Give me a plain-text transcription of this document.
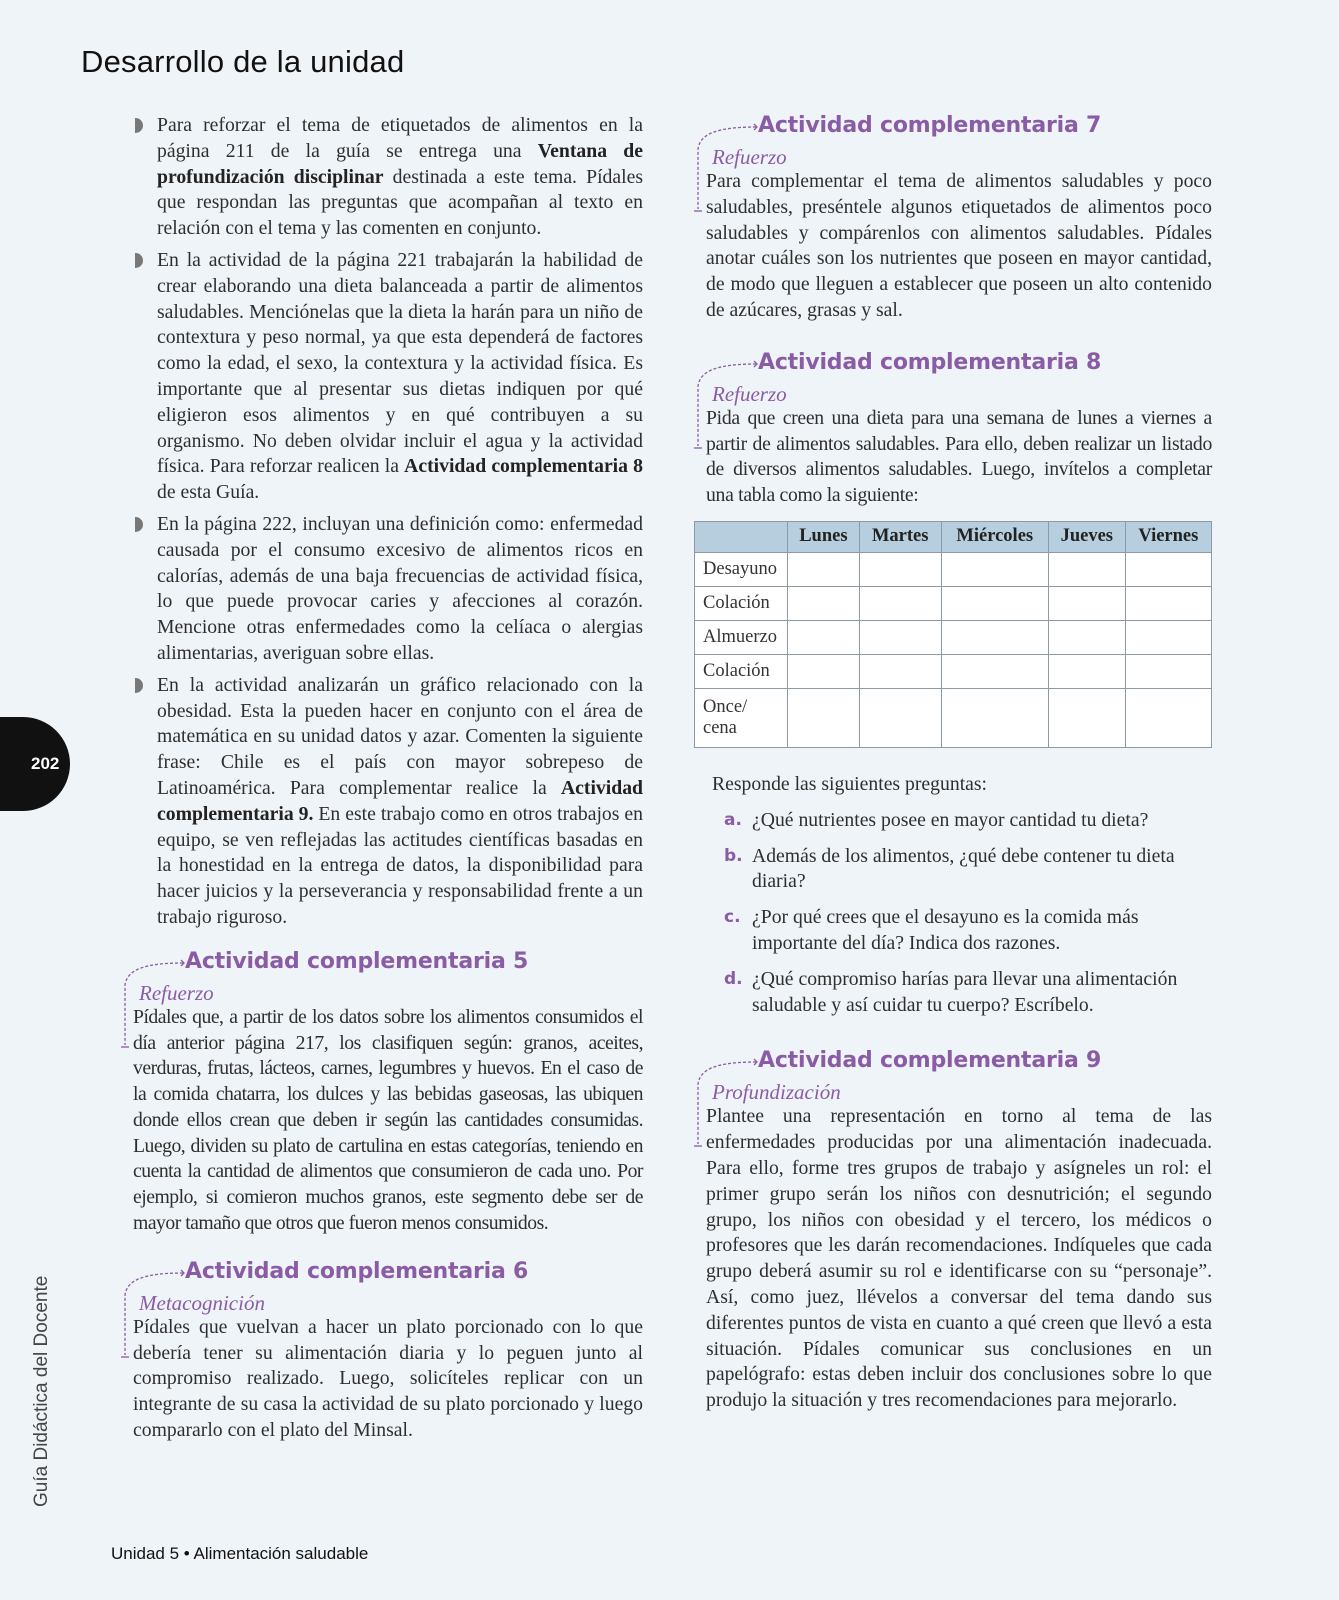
Desarrollo de la unidad
202
Guía Didáctica del Docente

Para reforzar el tema de etiquetados de alimentos en la página 211 de la guía se entrega una Ventana de profundización disciplinar destinada a este tema. Pídales que respondan las preguntas que acompañan al texto en relación con el tema y las comenten en conjunto.

En la actividad de la página 221 trabajarán la habilidad de crear elaborando una dieta balanceada a partir de alimentos saludables. Menciónelas que la dieta la harán para un niño de contextura y peso normal, ya que esta dependerá de factores como la edad, el sexo, la contextura y la actividad física. Es importante que al presentar sus dietas indiquen por qué eligieron esos alimentos y en qué contribuyen a su organismo. No deben olvidar incluir el agua y la actividad física. Para reforzar realicen la Actividad complementaria 8 de esta Guía.

En la página 222, incluyan una definición como: enfermedad causada por el consumo excesivo de alimentos ricos en calorías, además de una baja frecuencias de actividad física, lo que puede provocar caries y afecciones al corazón. Mencione otras enfermedades como la celíaca o alergias alimentarias, averiguan sobre ellas.

En la actividad analizarán un gráfico relacionado con la obesidad. Esta la pueden hacer en conjunto con el área de matemática en su unidad datos y azar. Comenten la siguiente frase: Chile es el país con mayor sobrepeso de Latinoamérica. Para complementar realice la Actividad complementaria 9. En este trabajo como en otros trabajos en equipo, se ven reflejadas las actitudes científicas basadas en la honestidad en la entrega de datos, la disponibilidad para hacer juicios y la perseverancia y responsabilidad frente a un trabajo riguroso.

Actividad complementaria 5
Refuerzo

Pídales que, a partir de los datos sobre los alimentos consumidos el día anterior página 217, los clasifiquen según: granos, aceites, verduras, frutas, lácteos, carnes, legumbres y huevos. En el caso de la comida chatarra, los dulces y las bebidas gaseosas, las ubiquen donde ellos crean que deben ir según las cantidades consumidas. Luego, dividen su plato de cartulina en estas categorías, teniendo en cuenta la cantidad de alimentos que consumieron de cada uno. Por ejemplo, si comieron muchos granos, este segmento debe ser de mayor tamaño que otros que fueron menos consumidos.

Actividad complementaria 6
Metacognición

Pídales que vuelvan a hacer un plato porcionado con lo que debería tener su alimentación diaria y lo peguen junto al compromiso realizado. Luego, solicíteles replicar con un integrante de su casa la actividad de su plato porcionado y luego compararlo con el plato del Minsal.

Actividad complementaria 7
Refuerzo

Para complementar el tema de alimentos saludables y poco saludables, preséntele algunos etiquetados de alimentos poco saludables y compárenlos con alimentos saludables. Pídales anotar cuáles son los nutrientes que poseen en mayor cantidad, de modo que lleguen a establecer que poseen un alto contenido de azúcares, grasas y sal.

Actividad complementaria 8
Refuerzo

Pida que creen una dieta para una semana de lunes a viernes a partir de alimentos saludables. Para ello, deben realizar un listado de diversos alimentos saludables. Luego, invítelos a completar una tabla como la siguiente:

	Lunes	Martes	Miércoles	Jueves	Viernes
Desayuno					
Colación					
Almuerzo					
Colación					
Once/ cena					

Responde las siguientes preguntas:

a. ¿Qué nutrientes posee en mayor cantidad tu dieta?
b. Además de los alimentos, ¿qué debe contener tu dieta diaria?
c. ¿Por qué crees que el desayuno es la comida más importante del día? Indica dos razones.
d. ¿Qué compromiso harías para llevar una alimentación saludable y así cuidar tu cuerpo? Escríbelo.
Actividad complementaria 9
Profundización

Plantee una representación en torno al tema de las enfermedades producidas por una alimentación inadecuada. Para ello, forme tres grupos de trabajo y asígneles un rol: el primer grupo serán los niños con desnutrición; el segundo grupo, los niños con obesidad y el tercero, los médicos o profesores que les darán recomendaciones. Indíqueles que cada grupo deberá asumir su rol e identificarse con su “personaje”. Así, como juez, llévelos a conversar del tema dando sus diferentes puntos de vista en cuanto a qué creen que llevó a esta situación. Pídales comunicar sus conclusiones en un papelógrafo: estas deben incluir dos conclusiones sobre lo que produjo la situación y tres recomendaciones para mejorarlo.

Unidad 5 • Alimentación saludable
